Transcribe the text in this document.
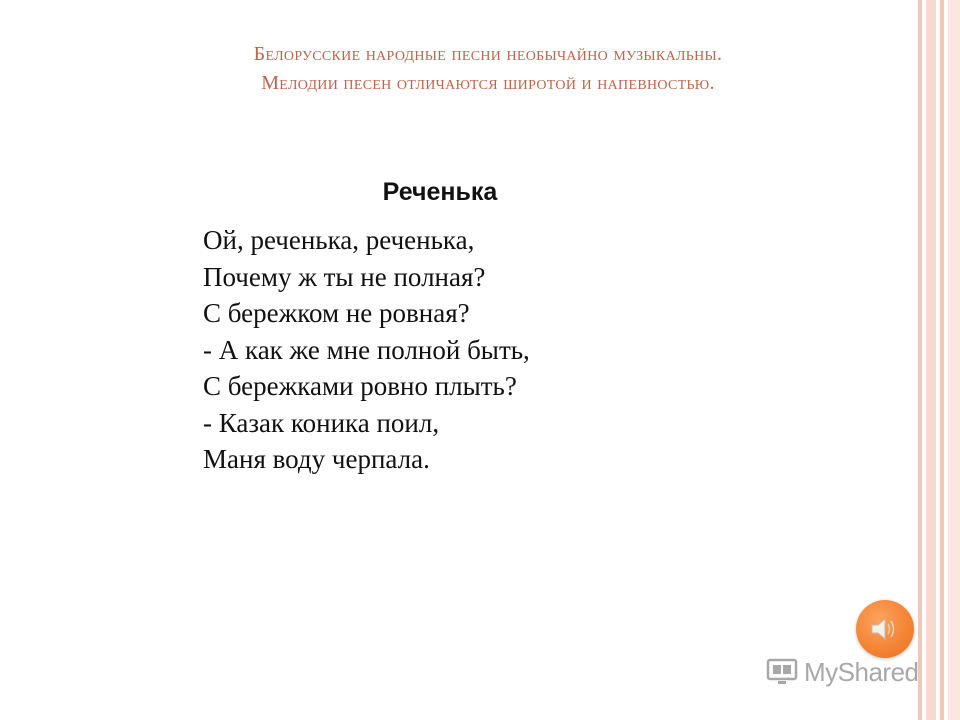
Белорусские народные песни необычайно музыкальны.
Мелодии песен отличаются широтой и напевностью.
Реченька
Ой, реченька, реченька,
Почему ж ты не полная?
С бережком не ровная?
- А как же мне полной быть,
С бережками ровно плыть?
- Казак коника поил,
Маня воду черпала.
MyShared
